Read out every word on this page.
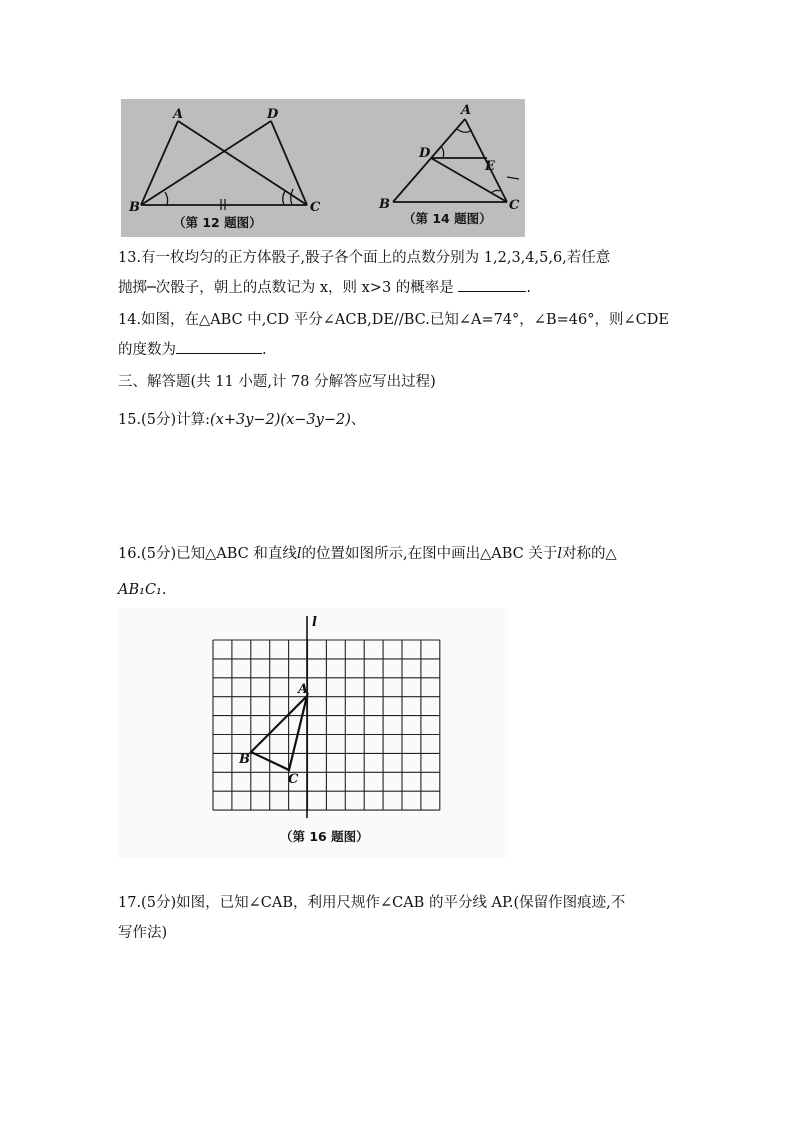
A	D
B	C
（第 12 题图）
A
D
E
B	C
（第 14 题图）
13.有一枚均匀的正方体骰子,骰子各个面上的点数分别为 1,2,3,4,5,6,若任意
抛掷─次骰子，朝上的点数记为 x，则 x>3 的概率是	.
14.如图，在△ABC 中,CD 平分∠ACB,DE//BC.已知∠A=74°，∠B=46°，则∠CDE
的度数为	.
三、解答题(共 11 小题,计 78 分解答应写出过程)
15.(5分)计算:(x+3y−2)(x−3y−2)、
16.(5分)已知△ABC 和直线l的位置如图所示,在图中画出△ABC 关于l对称的△
AB₁C₁.
l
A
B
C
（第 16 题图）
17.(5分)如图，已知∠CAB，利用尺规作∠CAB 的平分线 AP.(保留作图痕迹,不
写作法)
